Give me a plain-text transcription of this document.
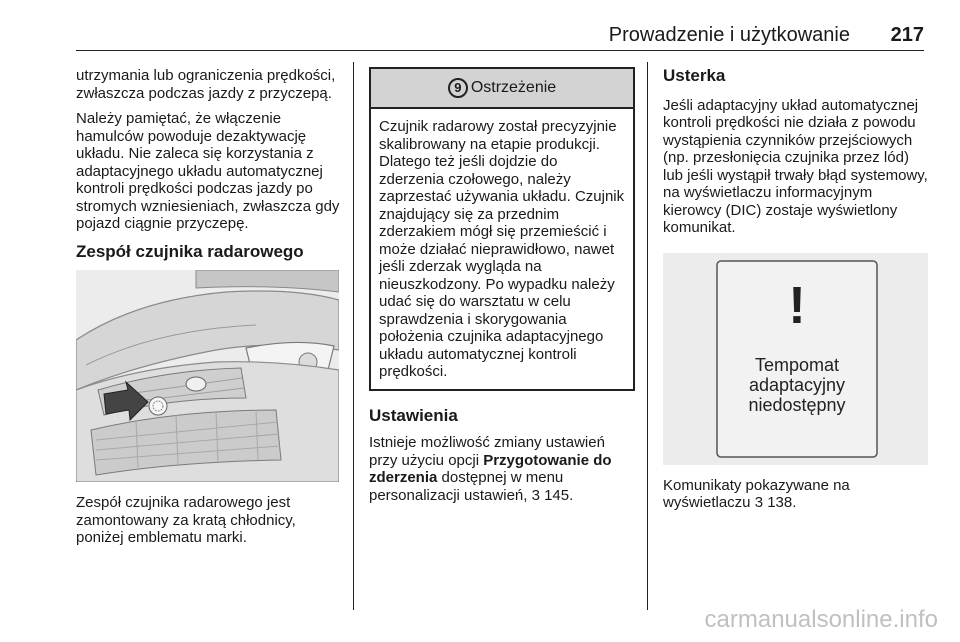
Prowadzenie i użytkowanie 217

utrzymania lub ograniczenia prędkości, zwłaszcza podczas jazdy z przyczepą.

Należy pamiętać, że włączenie hamulców powoduje dezaktywację układu. Nie zaleca się korzystania z adaptacyjnego układu automatycznej kontroli prędkości podczas jazdy po stromych wzniesieniach, zwłaszcza gdy pojazd ciągnie przyczepę.

Zespół czujnika radarowego

Zespół czujnika radarowego jest zamontowany za kratą chłodnicy, poniżej emblematu marki.

9 Ostrzeżenie
Czujnik radarowy został precyzyjnie skalibrowany na etapie produkcji. Dlatego też jeśli dojdzie do zderzenia czołowego, należy zaprzestać używania układu. Czujnik znajdujący się za przednim zderzakiem mógł się przemieścić i może działać nieprawidłowo, nawet jeśli zderzak wygląda na nieuszkodzony. Po wypadku należy udać się do warsztatu w celu sprawdzenia i skorygowania położenia czujnika adaptacyjnego układu automatycznej kontroli prędkości.
Ustawienia

Istnieje możliwość zmiany ustawień przy użyciu opcji Przygotowanie do zderzenia dostępnej w menu personalizacji ustawień, 3 145.

Usterka

Jeśli adaptacyjny układ automatycznej kontroli prędkości nie działa z powodu wystąpienia czynników przejściowych (np. przesłonięcia czujnika przez lód) lub jeśli wystąpił trwały błąd systemowy, na wyświetlaczu informacyjnym kierowcy (DIC) zostaje wyświetlony komunikat.

!
Tempomat
adaptacyjny
niedostępny

Komunikaty pokazywane na wyświetlaczu 3 138.

carmanualsonline.info
